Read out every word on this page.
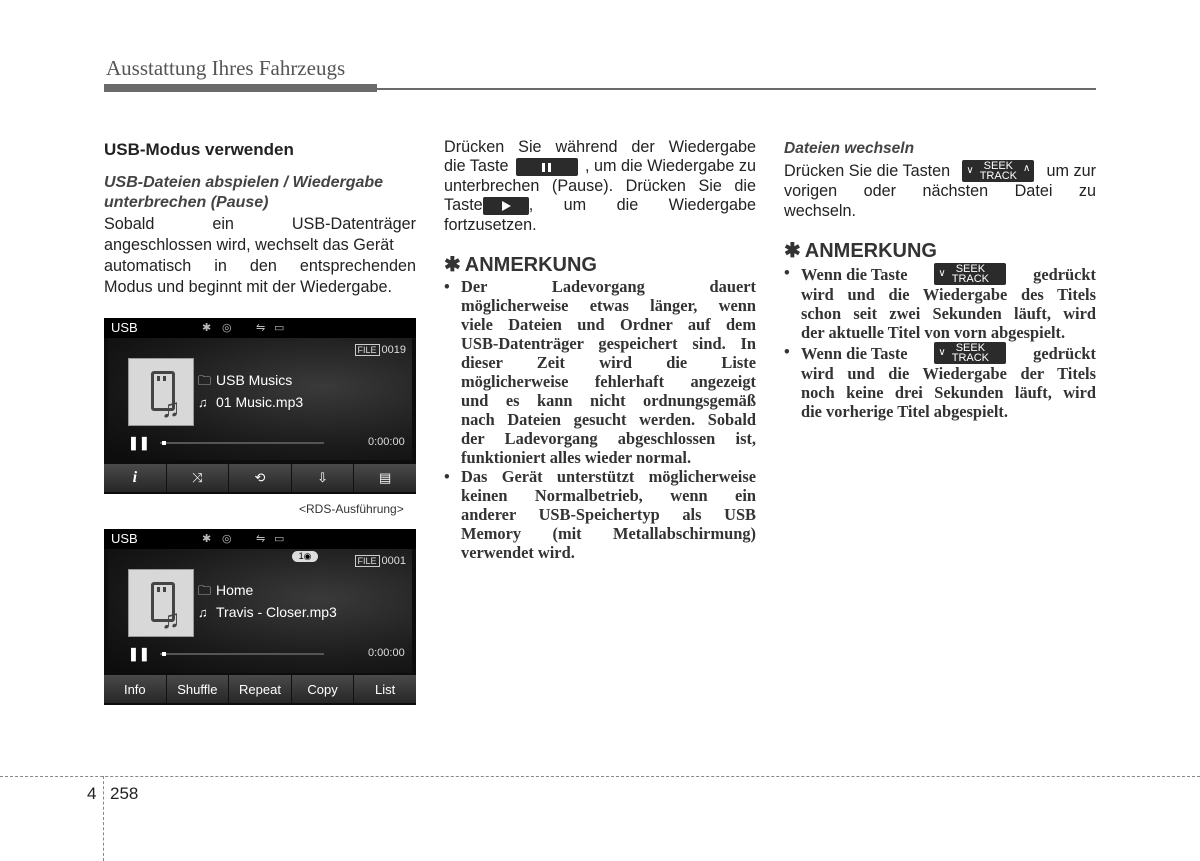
Ausstattung Ihres Fahrzeugs
USB-Modus verwenden
USB-Dateien abspielen / Wiedergabe
unterbrechen (Pause)
Sobald ein USB-Datenträger
angeschlossen wird, wechselt das Gerät
automatisch in den entsprechenden
Modus und beginnt mit der Wiedergabe.
USB	✱ ◎ ⇋ ▭
FILE 0019
♫
🗀 USB Musics
♫ 01 Music.mp3
❚❚	0:00:00
i	⤨	⟲	⇩	▤
<RDS-Ausführung>
USB	✱ ◎ ⇋ ▭
1◉	FILE 0001
♫
🗀 Home
♫ Travis - Closer.mp3
❚❚	0:00:00
Info	Shuffle	Repeat	Copy	List
Drücken Sie während der Wiedergabe
die Taste	, um die Wiedergabe zu
unterbrechen (Pause). Drücken Sie die
Taste	, um die Wiedergabe
fortzusetzen.
✱ ANMERKUNG
• Der Ladevorgang dauert
möglicherweise etwas länger, wenn
viele Dateien und Ordner auf dem
USB-Datenträger gespeichert sind. In
dieser Zeit wird die Liste
möglicherweise fehlerhaft angezeigt
und es kann nicht ordnungsgemäß
nach Dateien gesucht werden. Sobald
der Ladevorgang abgeschlossen ist,
funktioniert alles wieder normal.
• Das Gerät unterstützt möglicherweise
keinen Normalbetrieb, wenn ein
anderer USB-Speichertyp als USB
Memory (mit Metallabschirmung)
verwendet wird.
Dateien wechseln
Drücken Sie die Tasten ∨ SEEK
TRACK
∧ um zur
vorigen oder nächsten Datei zu
wechseln.
✱ ANMERKUNG
• Wenn die Taste	∨ SEEK
TRACK	gedrückt
wird und die Wiedergabe des Titels
schon seit zwei Sekunden läuft, wird
der aktuelle Titel von vorn abgespielt.
• Wenn die Taste	∨ SEEK
TRACK	gedrückt
wird und die Wiedergabe der Titels
noch keine drei Sekunden läuft, wird
die vorherige Titel abgespielt.
4 258
